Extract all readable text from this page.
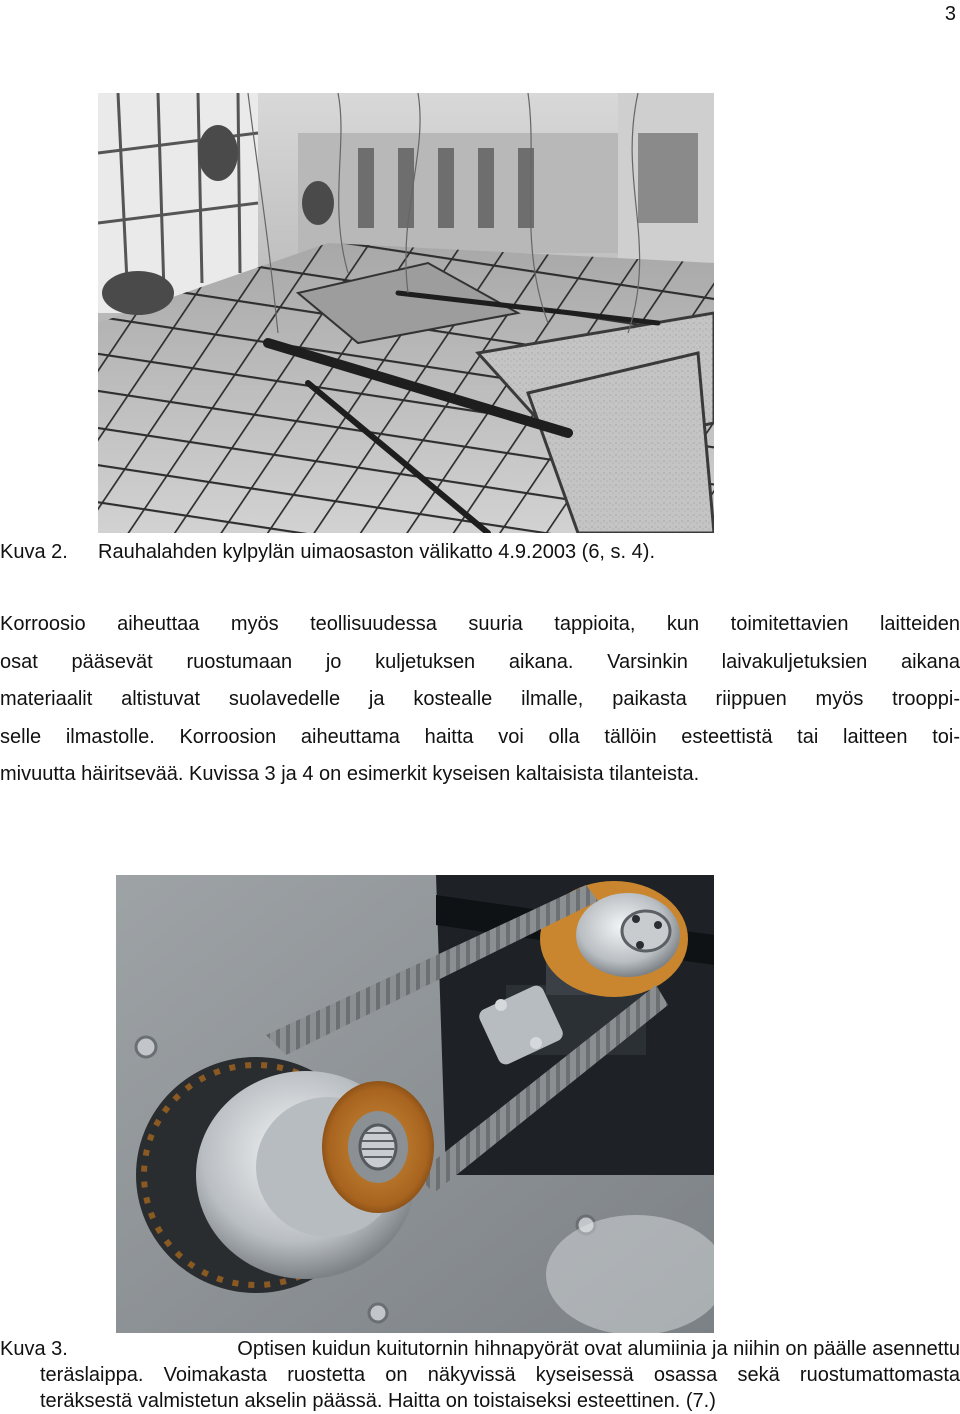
3
Kuva 2. Rauhalahden kylpylän uimaosaston välikatto 4.9.2003 (6, s. 4).
Korroosio aiheuttaa myös teollisuudessa suuria tappioita, kun toimitettavien laitteiden
osat pääsevät ruostumaan jo kuljetuksen aikana. Varsinkin laivakuljetuksien aikana
materiaalit altistuvat suolavedelle ja kostealle ilmalle, paikasta riippuen myös trooppi-
selle ilmastolle. Korroosion aiheuttama haitta voi olla tällöin esteettistä tai laitteen toi-
mivuutta häiritsevää. Kuvissa 3 ja 4 on esimerkit kyseisen kaltaisista tilanteista.
Kuva 3.	Optisen kuidun kuitutornin hihnapyörät ovat alumiinia ja niihin on päälle asennettu
teräslaippa. Voimakasta ruostetta on näkyvissä kyseisessä osassa sekä ruostumattomasta
teräksestä valmistetun akselin päässä. Haitta on toistaiseksi esteettinen. (7.)
